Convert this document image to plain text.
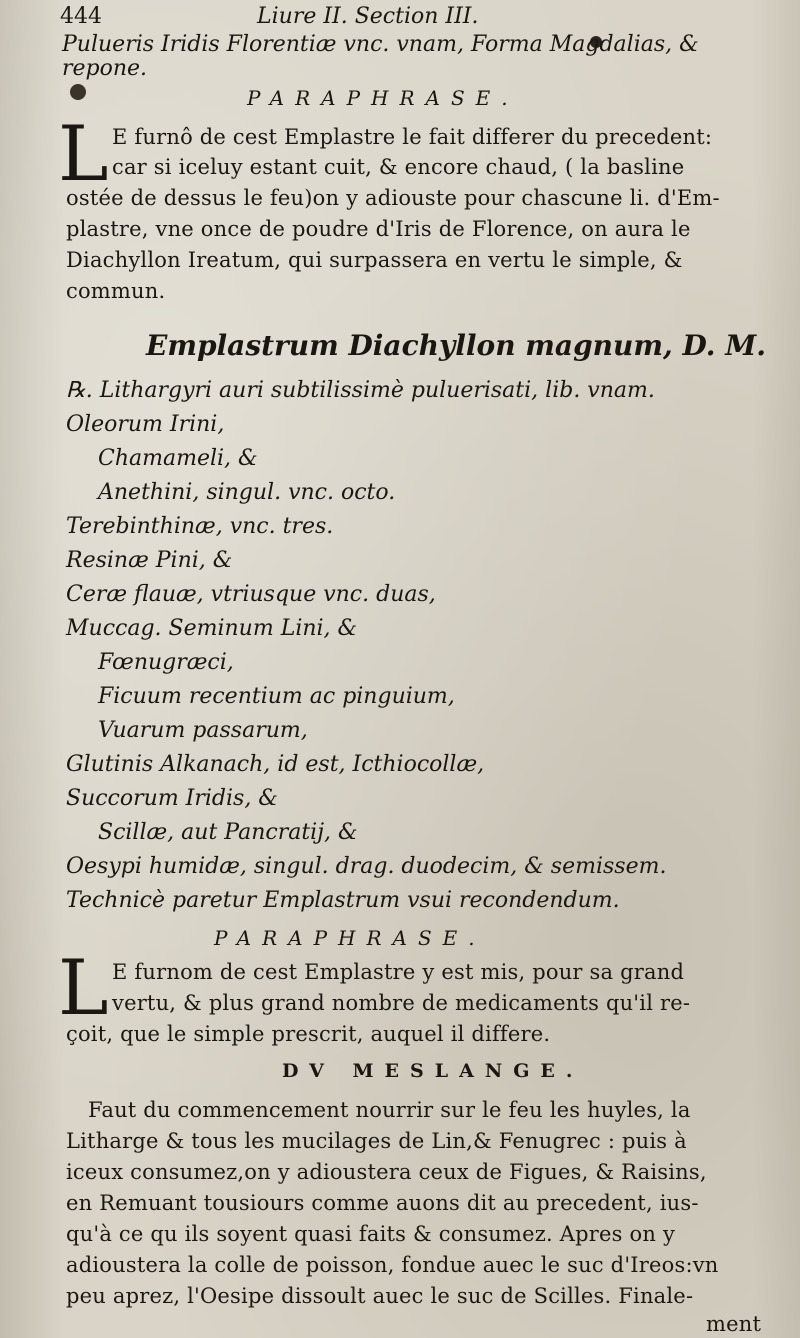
444	Liure II. Section III.
Pulueris Iridis Florentiæ vnc. vnam, Forma Magdalias, &
repone.
PARAPHRASE.
L E furnô de cest Emplastre le fait differer du precedent:
car si iceluy estant cuit, & encore chaud, ( la basline
ostée de dessus le feu)on y adiouste pour chascune li. d'Em-
plastre, vne once de poudre d'Iris de Florence, on aura le
Diachyllon Ireatum, qui surpassera en vertu le simple, &
commun.
Emplastrum Diachyllon magnum, D. M.
℞. Lithargyri auri subtilissimè puluerisati, lib. vnam.
Oleorum Irini,
Chamameli, &
Anethini, singul. vnc. octo.
Terebinthinæ, vnc. tres.
Resinæ Pini, &
Ceræ flauæ, vtriusque vnc. duas,
Muccag. Seminum Lini, &
Fœnugræci,
Ficuum recentium ac pinguium,
Vuarum passarum,
Glutinis Alkanach, id est, Icthiocollæ,
Succorum Iridis, &
Scillæ, aut Pancratij, &
Oesypi humidæ, singul. drag. duodecim, & semissem.
Technicè paretur Emplastrum vsui recondendum.
PARAPHRASE.
L E furnom de cest Emplastre y est mis, pour sa grand
vertu, & plus grand nombre de medicaments qu'il re-
çoit, que le simple prescrit, auquel il differe.
DV MESLANGE.
Faut du commencement nourrir sur le feu les huyles, la
Litharge & tous les mucilages de Lin,& Fenugrec : puis à
iceux consumez,on y adioustera ceux de Figues, & Raisins,
en Remuant tousiours comme auons dit au precedent, ius-
qu'à ce qu ils soyent quasi faits & consumez. Apres on y
adioustera la colle de poisson, fondue auec le suc d'Ireos:vn
peu aprez, l'Oesipe dissoult auec le suc de Scilles. Finale-
ment
